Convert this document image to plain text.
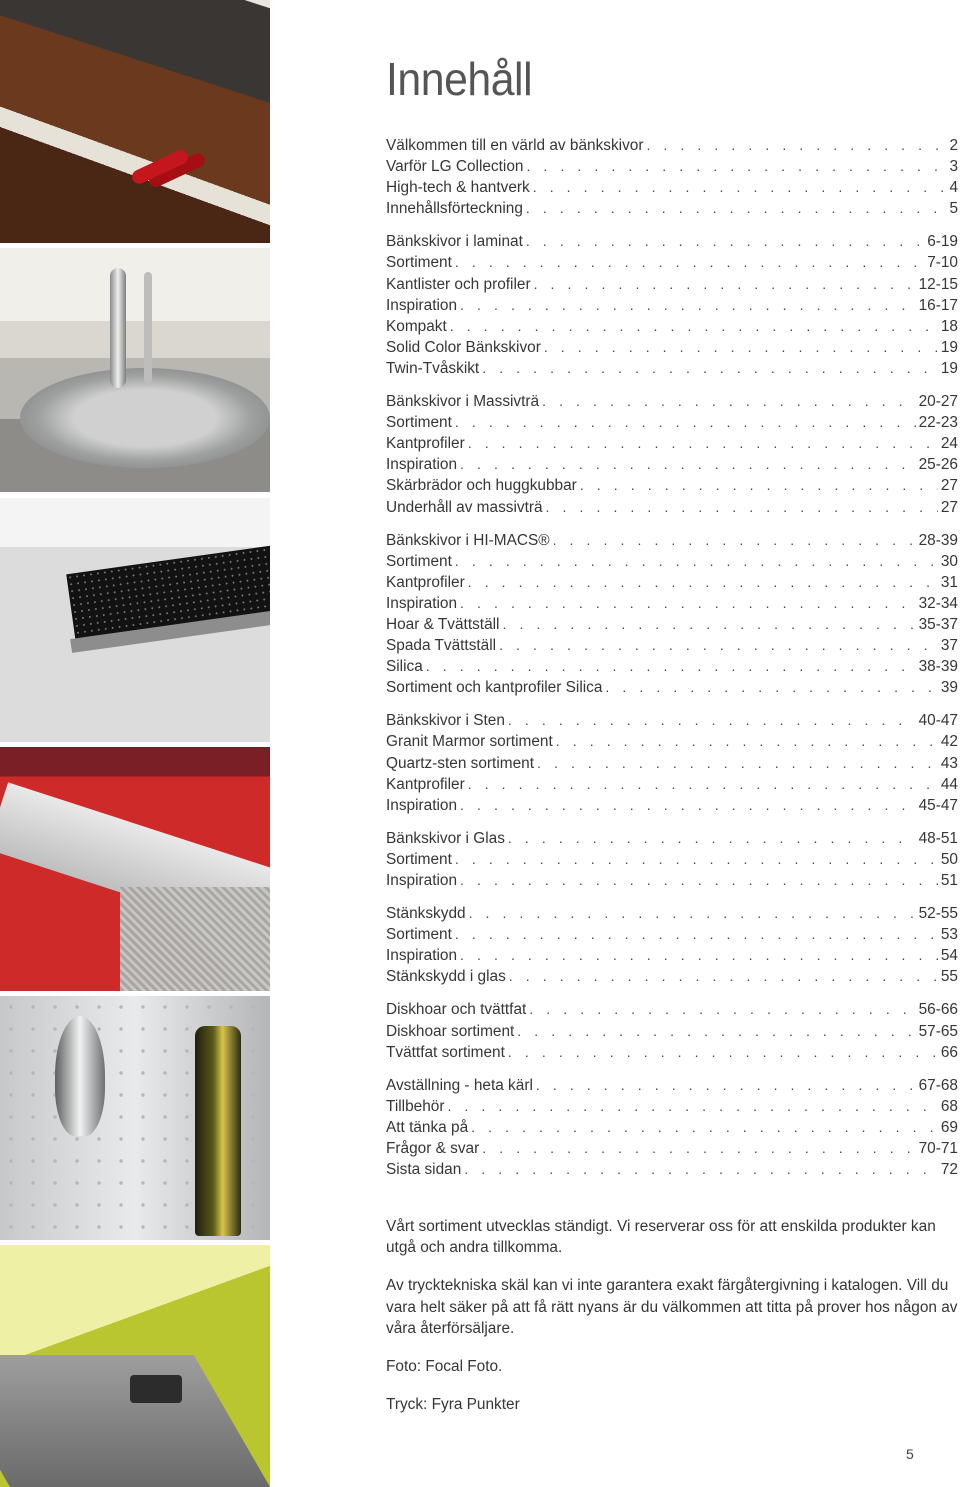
Innehåll
Välkommen till en värld av bänkskivor . . .	2
Varför LG Collection . . .	3
High-tech & hantverk . . .	4
Innehållsförteckning . . .	5
Bänkskivor i laminat . . .	6-19
Sortiment . . .	7-10
Kantlister och profiler . . .	12-15
Inspiration . . .	16-17
Kompakt . . .	18
Solid Color Bänkskivor . . .	19
Twin-Tvåskikt . . .	19
Bänkskivor i Massivträ . . .	20-27
Sortiment . . .	22-23
Kantprofiler . . .	24
Inspiration . . .	25-26
Skärbrädor och huggkubbar . . .	27
Underhåll av massivträ . . .	27
Bänkskivor i HI-MACS® . . .	28-39
Sortiment . . .	30
Kantprofiler . . .	31
Inspiration . . .	32-34
Hoar & Tvättställ . . .	35-37
Spada Tvättställ . . .	37
Silica . . .	38-39
Sortiment och kantprofiler Silica . . .	39
Bänkskivor i Sten . . .	40-47
Granit Marmor sortiment . . .	42
Quartz-sten sortiment . . .	43
Kantprofiler . . .	44
Inspiration . . .	45-47
Bänkskivor i Glas . . .	48-51
Sortiment . . .	50
Inspiration . . .	51
Stänkskydd . . .	52-55
Sortiment . . .	53
Inspiration . . .	54
Stänkskydd i glas . . .	55
Diskhoar och tvättfat . . .	56-66
Diskhoar sortiment . . .	57-65
Tvättfat sortiment . . .	66
Avställning - heta kärl . . .	67-68
Tillbehör . . .	68
Att tänka på . . .	69
Frågor & svar . . .	70-71
Sista sidan . . .	72

Vårt sortiment utvecklas ständigt. Vi reserverar oss för att enskilda produkter kan utgå och andra tillkomma.

Av trycktekniska skäl kan vi inte garantera exakt färgåtergivning i katalogen. Vill du vara helt säker på att få rätt nyans är du välkommen att titta på prover hos någon av våra återförsäljare.

Foto: Focal Foto.

Tryck: Fyra Punkter

5
